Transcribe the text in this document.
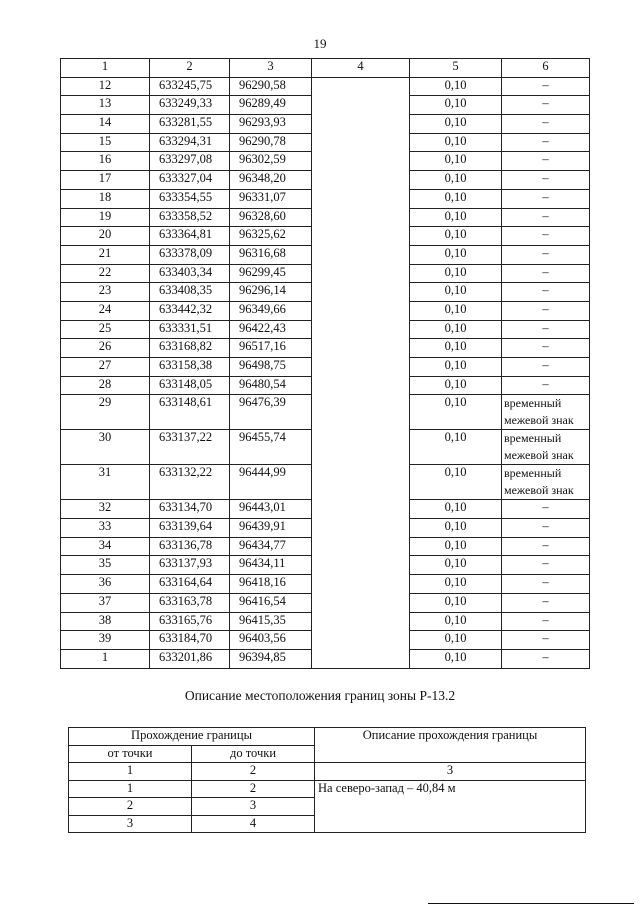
19
1	2	3	4	5	6
12	633245,75	96290,58		0,10	–
13	633249,33	96289,49		0,10	–
14	633281,55	96293,93		0,10	–
15	633294,31	96290,78		0,10	–
16	633297,08	96302,59		0,10	–
17	633327,04	96348,20		0,10	–
18	633354,55	96331,07		0,10	–
19	633358,52	96328,60		0,10	–
20	633364,81	96325,62		0,10	–
21	633378,09	96316,68		0,10	–
22	633403,34	96299,45		0,10	–
23	633408,35	96296,14		0,10	–
24	633442,32	96349,66		0,10	–
25	633331,51	96422,43		0,10	–
26	633168,82	96517,16		0,10	–
27	633158,38	96498,75		0,10	–
28	633148,05	96480,54		0,10	–
29	633148,61	96476,39		0,10	временный межевой знак
30	633137,22	96455,74		0,10	временный межевой знак
31	633132,22	96444,99		0,10	временный межевой знак
32	633134,70	96443,01		0,10	–
33	633139,64	96439,91		0,10	–
34	633136,78	96434,77		0,10	–
35	633137,93	96434,11		0,10	–
36	633164,64	96418,16		0,10	–
37	633163,78	96416,54		0,10	–
38	633165,76	96415,35		0,10	–
39	633184,70	96403,56		0,10	–
1	633201,86	96394,85		0,10	–
Описание местоположения границ зоны Р-13.2
Прохождение границы		Описание прохождения границы
от точки	до точки	
1	2	3
1	2	На северо-запад – 40,84 м
2	3	
3	4	
